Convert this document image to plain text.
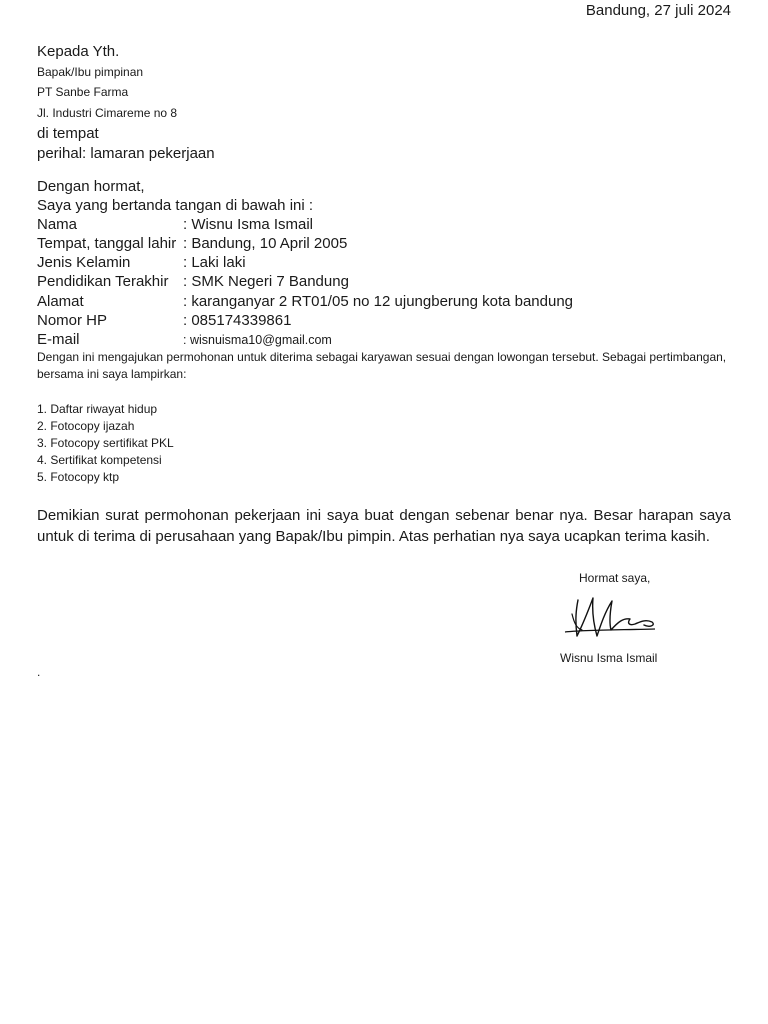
Bandung, 27 juli 2024
Kepada Yth.
Bapak/Ibu pimpinan
PT Sanbe Farma
Jl. Industri Cimareme no 8
di tempat
perihal: lamaran pekerjaan
Dengan hormat,
Saya yang bertanda tangan di bawah ini :
Nama	: Wisnu Isma Ismail
Tempat, tanggal lahir : Bandung, 10 April 2005
Jenis Kelamin	: Laki laki
Pendidikan Terakhir : SMK Negeri 7 Bandung
Alamat	: karanganyar 2 RT01/05 no 12 ujungberung kota bandung
Nomor HP	: 085174339861
E-mail	: wisnuisma10@gmail.com
Dengan ini mengajukan permohonan untuk diterima sebagai karyawan sesuai dengan lowongan tersebut. Sebagai pertimbangan, bersama ini saya lampirkan:
1. Daftar riwayat hidup
2. Fotocopy ijazah
3. Fotocopy sertifikat PKL
4. Sertifikat kompetensi
5. Fotocopy ktp
Demikian surat permohonan pekerjaan ini saya buat dengan sebenar benar nya. Besar harapan saya untuk di terima di perusahaan yang Bapak/Ibu pimpin. Atas perhatian nya saya ucapkan terima kasih.
Hormat saya,
Wisnu Isma Ismail
.
